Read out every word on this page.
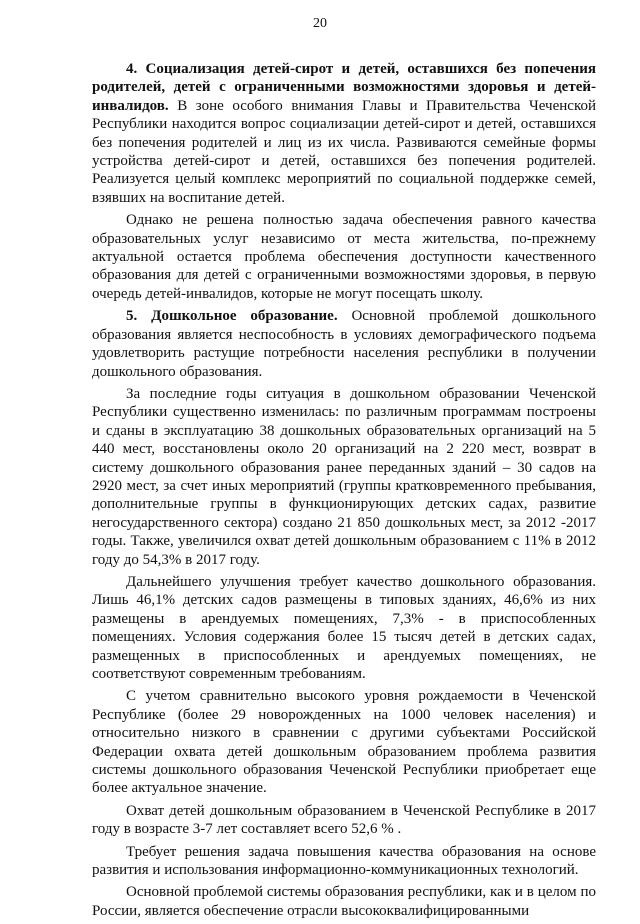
20

4. Социализация детей-сирот и детей, оставшихся без попечения родителей, детей с ограниченными возможностями здоровья и детей-инвалидов. В зоне особого внимания Главы и Правительства Чеченской Республики находится вопрос социализации детей-сирот и детей, оставшихся без попечения родителей и лиц из их числа. Развиваются семейные формы устройства детей-сирот и детей, оставшихся без попечения родителей. Реализуется целый комплекс мероприятий по социальной поддержке семей, взявших на воспитание детей.

Однако не решена полностью задача обеспечения равного качества образовательных услуг независимо от места жительства, по-прежнему актуальной остается проблема обеспечения доступности качественного образования для детей с ограниченными возможностями здоровья, в первую очередь детей-инвалидов, которые не могут посещать школу.

5. Дошкольное образование. Основной проблемой дошкольного образования является неспособность в условиях демографического подъема удовлетворить растущие потребности населения республики в получении дошкольного образования.

За последние годы ситуация в дошкольном образовании Чеченской Республики существенно изменилась: по различным программам построены и сданы в эксплуатацию 38 дошкольных образовательных организаций на 5 440 мест, восстановлены около 20 организаций на 2 220 мест, возврат в систему дошкольного образования ранее переданных зданий – 30 садов на 2920 мест, за счет иных мероприятий (группы кратковременного пребывания, дополнительные группы в функционирующих детских садах, развитие негосударственного сектора) создано 21 850 дошкольных мест, за 2012 -2017 годы. Также, увеличился охват детей дошкольным образованием с 11% в 2012 году до 54,3% в 2017 году.

Дальнейшего улучшения требует качество дошкольного образования. Лишь 46,1% детских садов размещены в типовых зданиях, 46,6% из них размещены в арендуемых помещениях, 7,3% - в приспособленных помещениях. Условия содержания более 15 тысяч детей в детских садах, размещенных в приспособленных и арендуемых помещениях, не соответствуют современным требованиям.

С учетом сравнительно высокого уровня рождаемости в Чеченской Республике (более 29 новорожденных на 1000 человек населения) и относительно низкого в сравнении с другими субъектами Российской Федерации охвата детей дошкольным образованием проблема развития системы дошкольного образования Чеченской Республики приобретает еще более актуальное значение.

Охват детей дошкольным образованием в Чеченской Республике в 2017 году в возрасте 3-7 лет составляет всего 52,6 % .

Требует решения задача повышения качества образования на основе развития и использования информационно-коммуникационных технологий.

Основной проблемой системы образования республики, как и в целом по России, является обеспечение отрасли высококвалифицированными
